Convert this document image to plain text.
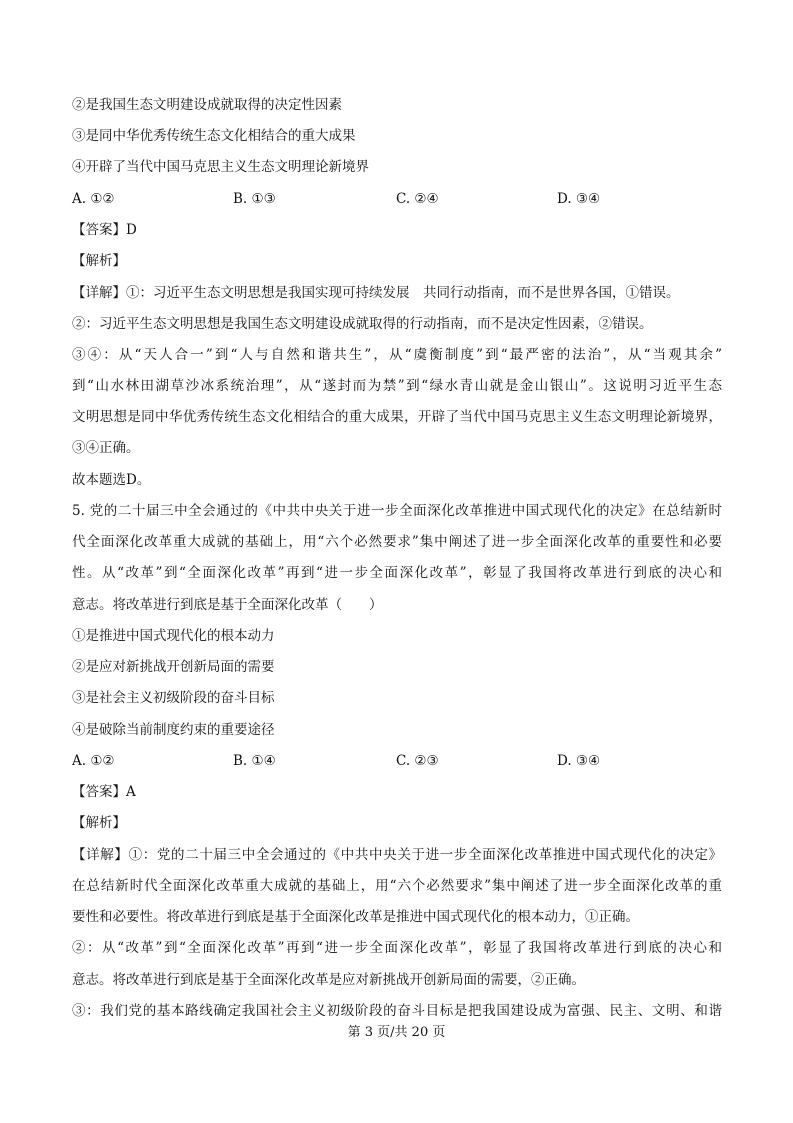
②是我国生态文明建设成就取得的决定性因素
③是同中华优秀传统生态文化相结合的重大成果
④开辟了当代中国马克思主义生态文明理论新境界
A. ①②	B. ①③	C. ②④	D. ③④
【答案】D
【解析】
【详解】①：习近平生态文明思想是我国实现可持续发展　共同行动指南，而不是世界各国，①错误。
②：习近平生态文明思想是我国生态文明建设成就取得的行动指南，而不是决定性因素，②错误。
③④：从“天人合一”到“人与自然和谐共生”，从“虞衡制度”到“最严密的法治”，从“当观其余”
到“山水林田湖草沙冰系统治理”，从“遂封而为禁”到“绿水青山就是金山银山”。这说明习近平生态
文明思想是同中华优秀传统生态文化相结合的重大成果，开辟了当代中国马克思主义生态文明理论新境界，
③④正确。
故本题选D。
5. 党的二十届三中全会通过的《中共中央关于进一步全面深化改革推进中国式现代化的决定》在总结新时
代全面深化改革重大成就的基础上，用“六个必然要求”集中阐述了进一步全面深化改革的重要性和必要
性。从“改革”到“全面深化改革”再到“进一步全面深化改革”，彰显了我国将改革进行到底的决心和
意志。将改革进行到底是基于全面深化改革（　　）
①是推进中国式现代化的根本动力
②是应对新挑战开创新局面的需要
③是社会主义初级阶段的奋斗目标
④是破除当前制度约束的重要途径
A. ①②	B. ①④	C. ②③	D. ③④
【答案】A
【解析】
【详解】①：党的二十届三中全会通过的《中共中央关于进一步全面深化改革推进中国式现代化的决定》
在总结新时代全面深化改革重大成就的基础上，用“六个必然要求”集中阐述了进一步全面深化改革的重
要性和必要性。将改革进行到底是基于全面深化改革是推进中国式现代化的根本动力，①正确。
②：从“改革”到“全面深化改革”再到“进一步全面深化改革”，彰显了我国将改革进行到底的决心和
意志。将改革进行到底是基于全面深化改革是应对新挑战开创新局面的需要，②正确。
③：我们党的基本路线确定我国社会主义初级阶段的奋斗目标是把我国建设成为富强、民主、文明、和谐
第 3 页/共 20 页
